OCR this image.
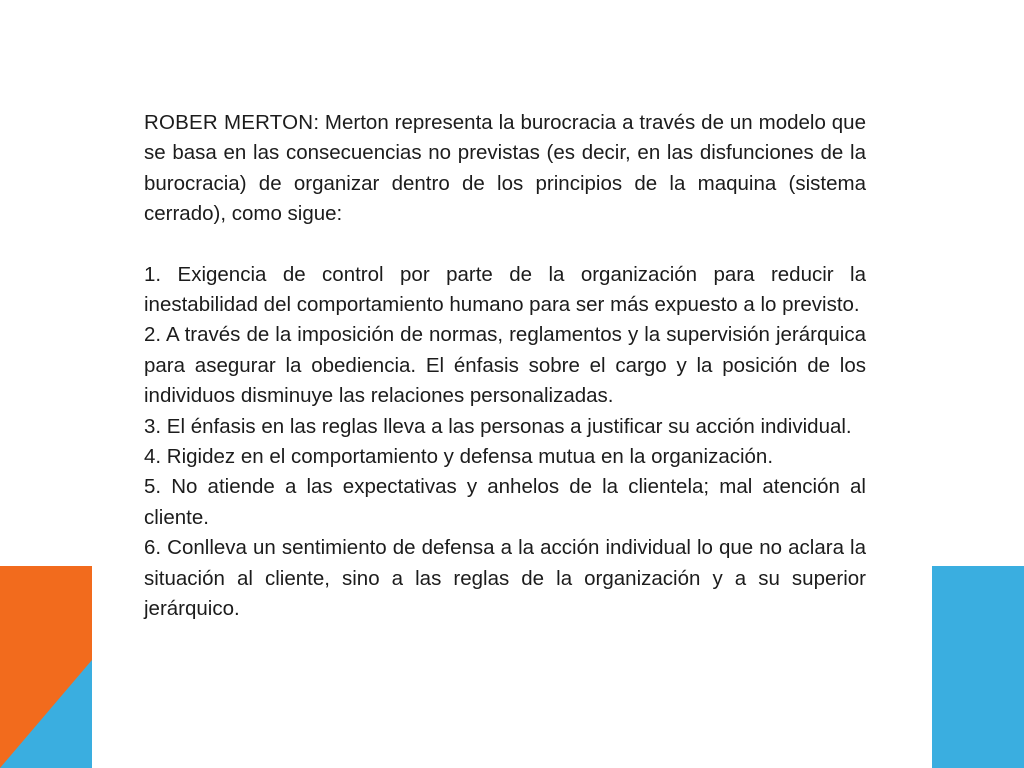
ROBER MERTON: Merton representa la burocracia a través de un modelo que se basa en las consecuencias no previstas (es decir, en las disfunciones de la burocracia) de organizar dentro de los principios de la maquina (sistema cerrado), como sigue:

1. Exigencia de control por parte de la organización para reducir la inestabilidad del comportamiento humano para ser más expuesto a lo previsto.

2. A través de la imposición de normas, reglamentos y la supervisión jerárquica para asegurar la obediencia. El énfasis sobre el cargo y la posición de los individuos disminuye las relaciones personalizadas.

3. El énfasis en las reglas lleva a las personas a justificar su acción individual.

4. Rigidez en el comportamiento y defensa mutua en la organización.

5. No atiende a las expectativas y anhelos de la clientela; mal atención al cliente.

6. Conlleva un sentimiento de defensa a la acción individual lo que no aclara la situación al cliente, sino a las reglas de la organización y a su superior jerárquico.
